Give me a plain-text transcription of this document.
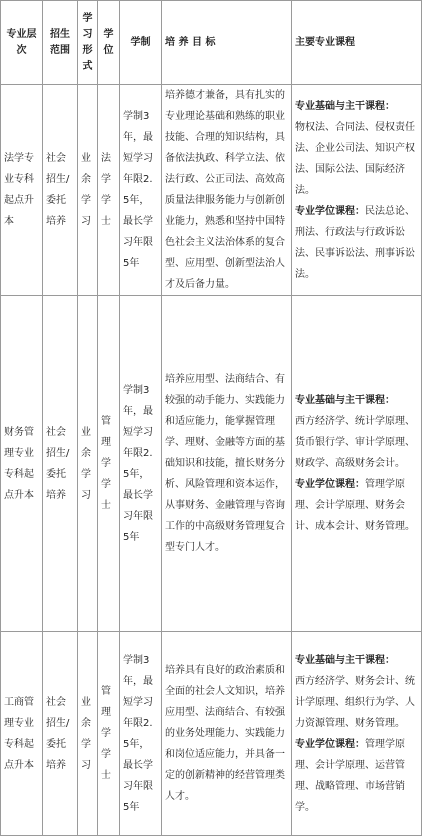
专业层次	招生范围	学习形式	学位	学制	培 养 目 标	主要专业课程
法学专业专科起点升本	社会招生/委托培养	业余学习	法学学士	学制3年，最短学习年限2.5年，最长学习年限5年	培养德才兼备，具有扎实的专业理论基础和熟练的职业技能、合理的知识结构，具备依法执政、科学立法、依法行政、公正司法、高效高质量法律服务能力与创新创业能力，熟悉和坚持中国特色社会主义法治体系的复合型、应用型、创新型法治人才及后备力量。	专业基础与主干课程：
物权法、合同法、侵权责任法、企业公司法、知识产权法、国际公法、国际经济法。
专业学位课程：民法总论、刑法、行政法与行政诉讼法、民事诉讼法、刑事诉讼法。

财务管理专业专科起点升本	社会招生/委托培养	业余学习	管理学学士	学制3年，最短学习年限2.5年，最长学习年限5年	培养应用型、法商结合、有较强的动手能力、实践能力和适应能力，能掌握管理学、理财、金融等方面的基础知识和技能，擅长财务分析、风险管理和资本运作，从事财务、金融管理与咨询工作的中高级财务管理复合型专门人才。	专业基础与主干课程：
西方经济学、统计学原理、货币银行学、审计学原理、财政学、高级财务会计。
专业学位课程：管理学原理、会计学原理、财务会计、成本会计、财务管理。

工商管理专业专科起点升本	社会招生/委托培养	业余学习	管理学学士	学制3年，最短学习年限2.5年，最长学习年限5年	培养具有良好的政治素质和全面的社会人文知识，培养应用型、法商结合、有较强的业务处理能力、实践能力和岗位适应能力，并具备一定的创新精神的经营管理类人才。	专业基础与主干课程：
西方经济学、财务会计、统计学原理、组织行为学、人力资源管理、财务管理。
专业学位课程：管理学原理、会计学原理、运营管理、战略管理、市场营销学。
